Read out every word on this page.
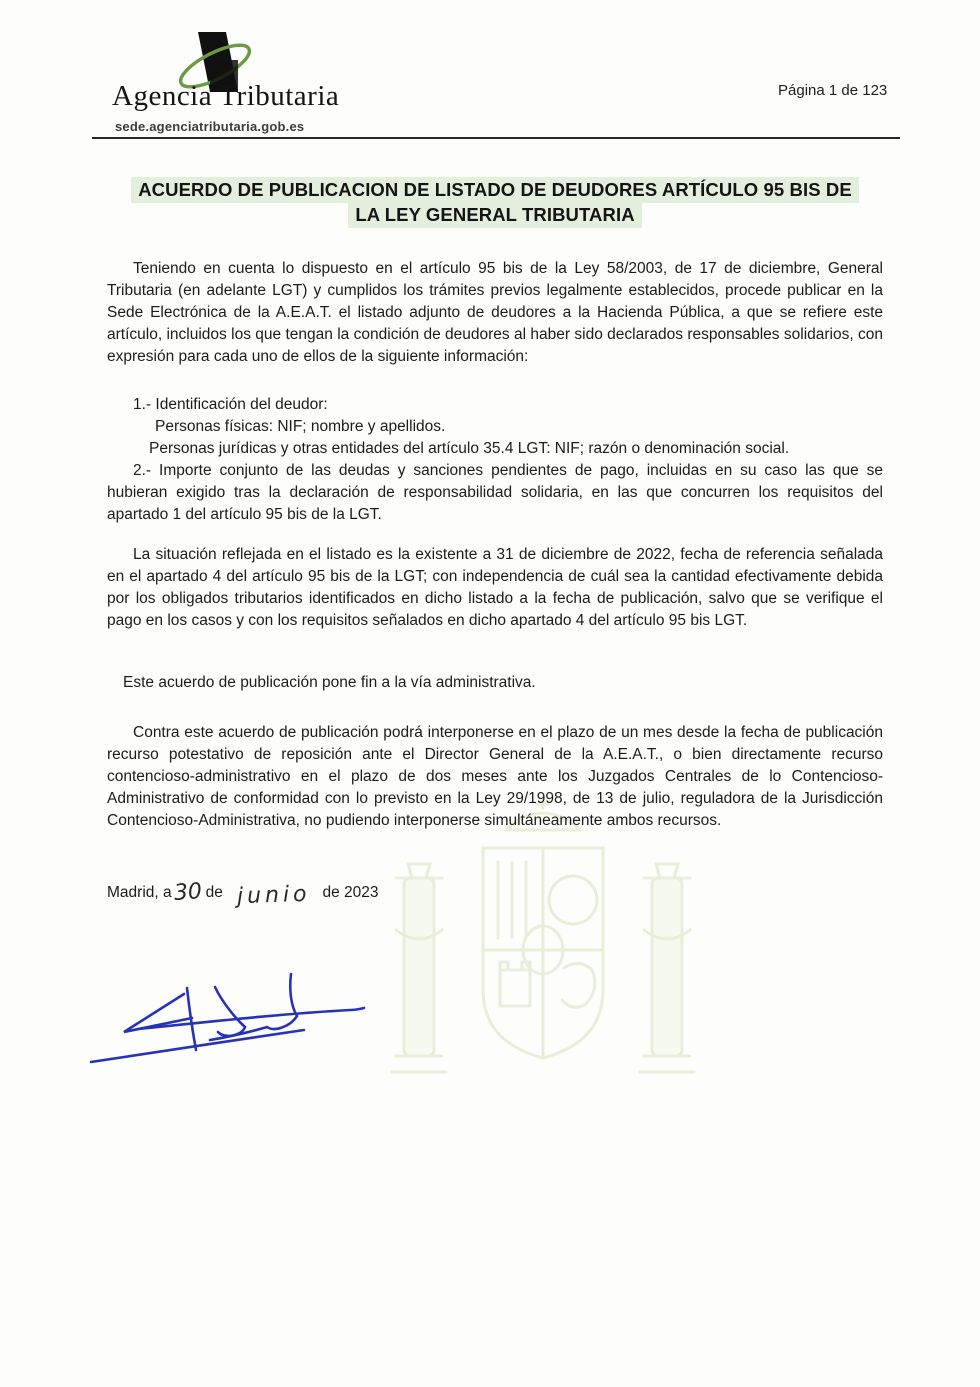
Agencia Tributaria
sede.agenciatributaria.gob.es
Página 1 de 123
ACUERDO DE PUBLICACION DE LISTADO DE DEUDORES ARTÍCULO 95 BIS DE
LA LEY GENERAL TRIBUTARIA

Teniendo en cuenta lo dispuesto en el artículo 95 bis de la Ley 58/2003, de 17 de diciembre, General Tributaria (en adelante LGT) y cumplidos los trámites previos legalmente establecidos, procede publicar en la Sede Electrónica de la A.E.A.T. el listado adjunto de deudores a la Hacienda Pública, a que se refiere este artículo, incluidos los que tengan la condición de deudores al haber sido declarados responsables solidarios, con expresión para cada uno de ellos de la siguiente información:

1.- Identificación del deudor:

Personas físicas: NIF; nombre y apellidos.

Personas jurídicas y otras entidades del artículo 35.4 LGT: NIF; razón o denominación social.

2.- Importe conjunto de las deudas y sanciones pendientes de pago, incluidas en su caso las que se hubieran exigido tras la declaración de responsabilidad solidaria, en las que concurren los requisitos del apartado 1 del artículo 95 bis de la LGT.

La situación reflejada en el listado es la existente a 31 de diciembre de 2022, fecha de referencia señalada en el apartado 4 del artículo 95 bis de la LGT; con independencia de cuál sea la cantidad efectivamente debida por los obligados tributarios identificados en dicho listado a la fecha de publicación, salvo que se verifique el pago en los casos y con los requisitos señalados en dicho apartado 4 del artículo 95 bis LGT.

Este acuerdo de publicación pone fin a la vía administrativa.

Contra este acuerdo de publicación podrá interponerse en el plazo de un mes desde la fecha de publicación recurso potestativo de reposición ante el Director General de la A.E.A.T., o bien directamente recurso contencioso-administrativo en el plazo de dos meses ante los Juzgados Centrales de lo Contencioso-Administrativo de conformidad con lo previsto en la Ley 29/1998, de 13 de julio, reguladora de la Jurisdicción Contencioso-Administrativa, no pudiendo interponerse simultáneamente ambos recursos.

Madrid, a30 de junio de 2023
